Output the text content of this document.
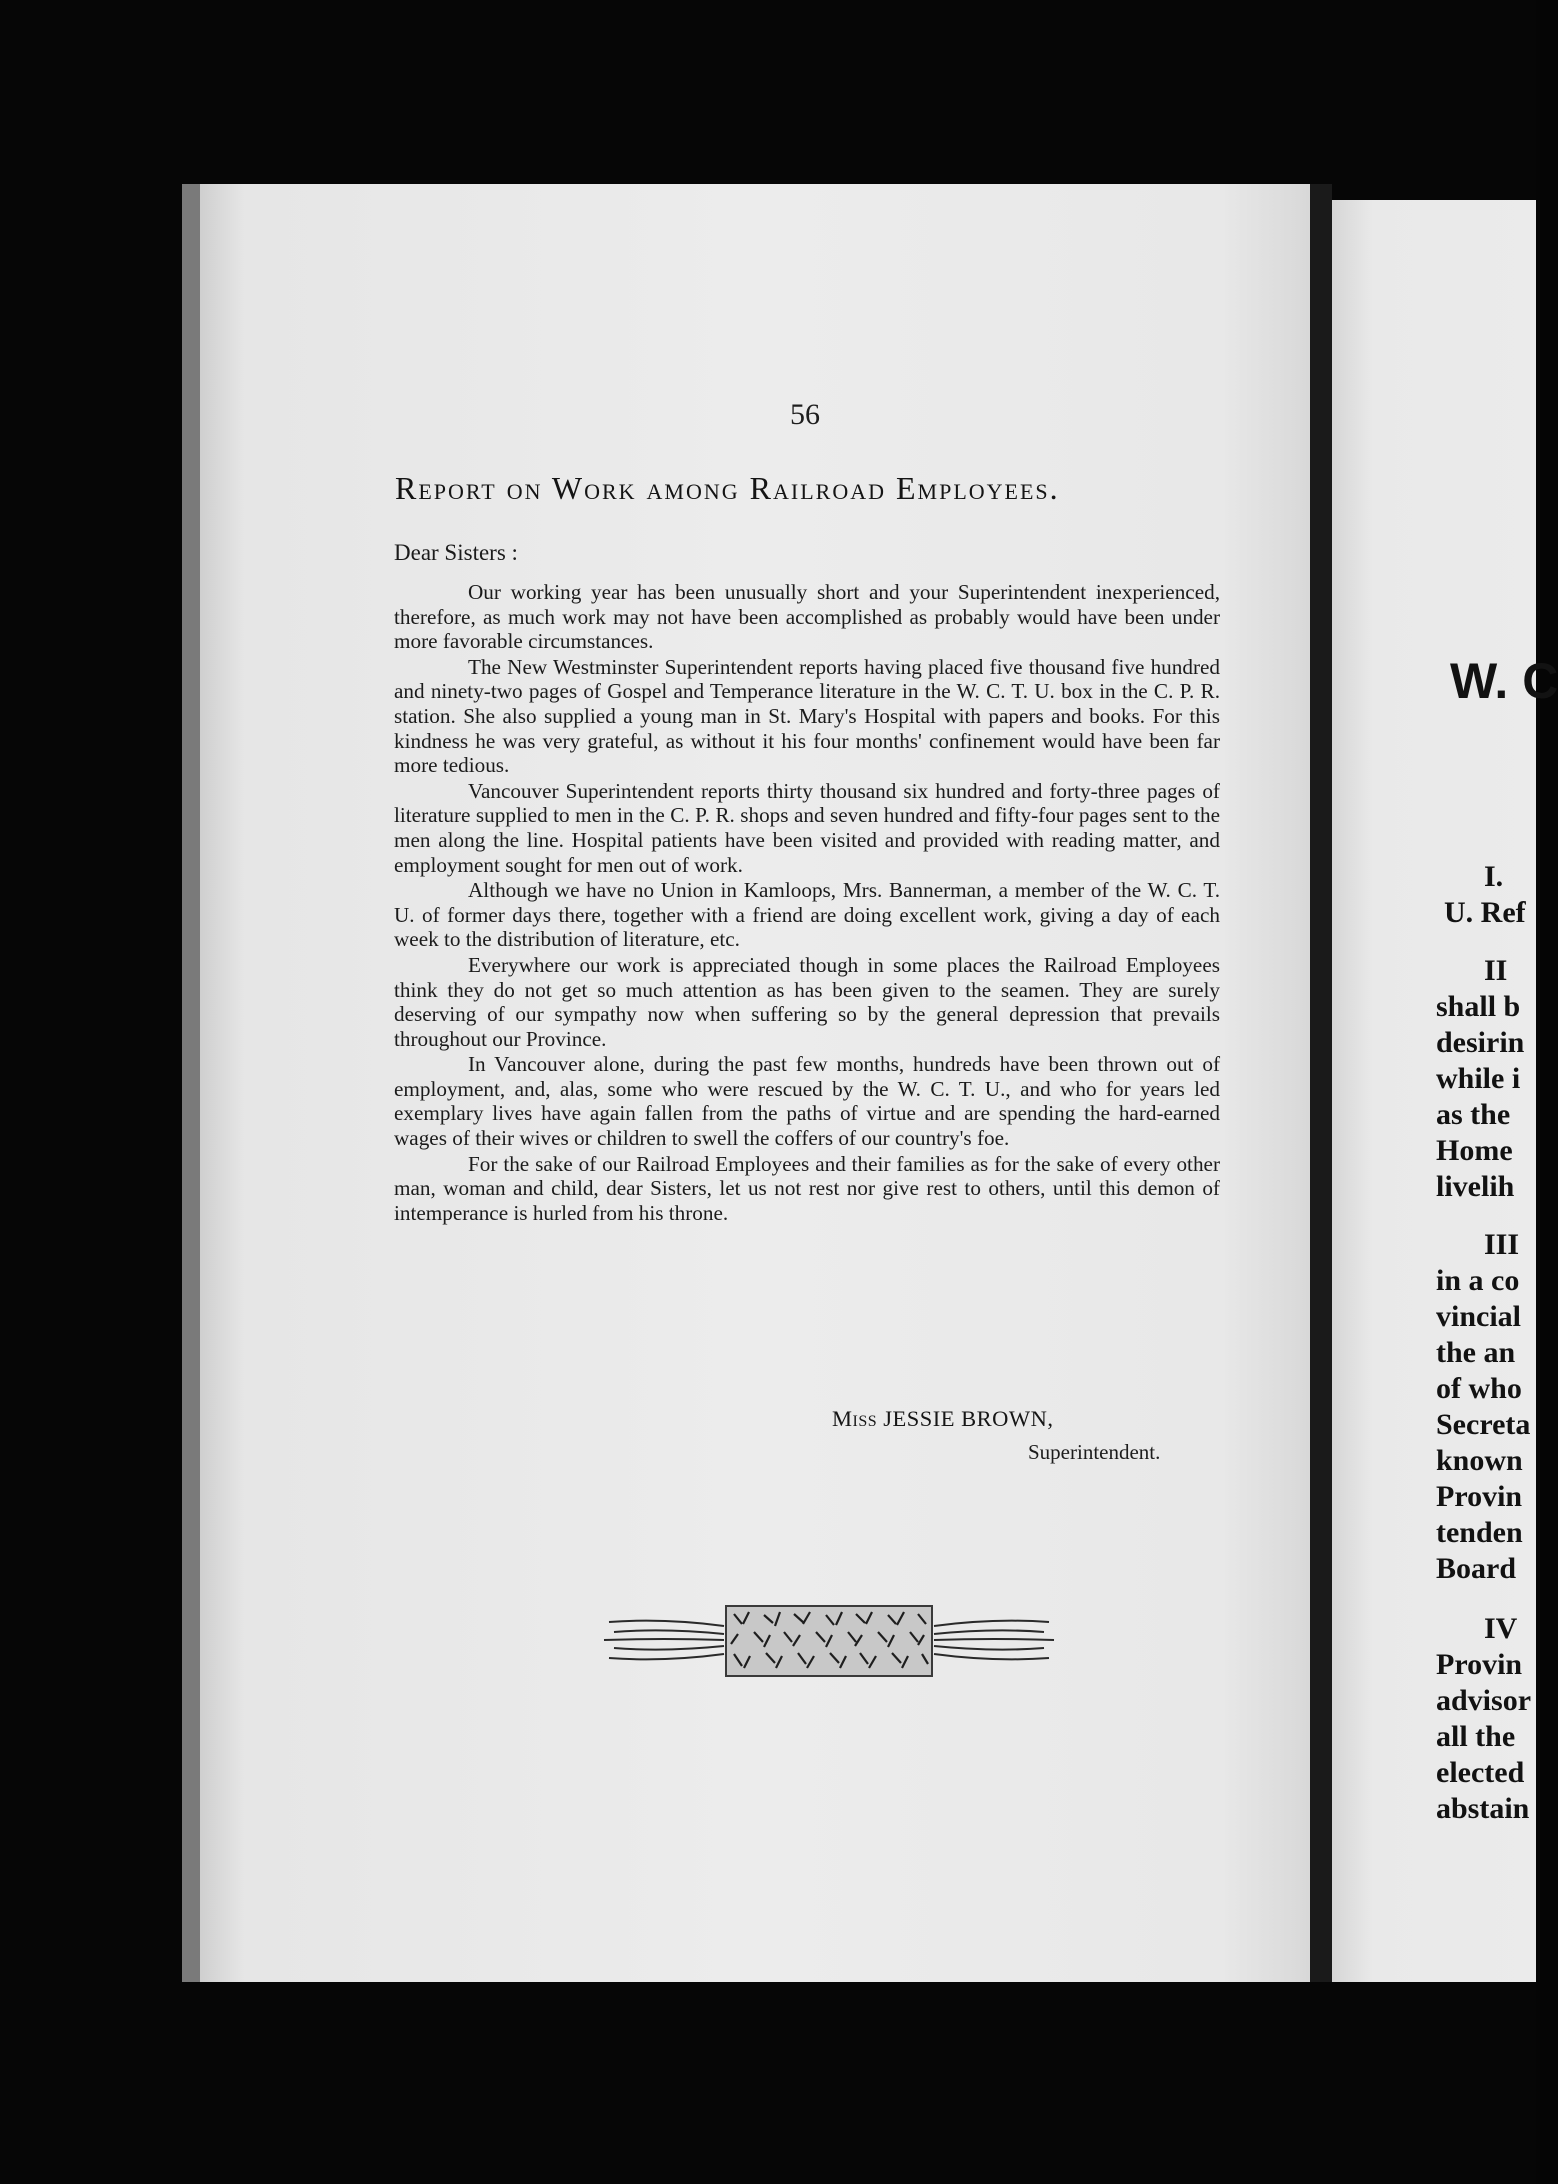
56
Report on Work among Railroad Employees.
Dear Sisters :

Our working year has been unusually short and your Superintendent inexperienced, therefore, as much work may not have been accomplished as probably would have been under more favorable circumstances.

The New Westminster Superintendent reports having placed five thousand five hundred and ninety-two pages of Gospel and Temperance literature in the W. C. T. U. box in the C. P. R. station. She also supplied a young man in St. Mary's Hospital with papers and books. For this kindness he was very grateful, as without it his four months' confinement would have been far more tedious.

Vancouver Superintendent reports thirty thousand six hundred and forty-three pages of literature supplied to men in the C. P. R. shops and seven hundred and fifty-four pages sent to the men along the line. Hospital patients have been visited and provided with reading matter, and employment sought for men out of work.

Although we have no Union in Kamloops, Mrs. Bannerman, a member of the W. C. T. U. of former days there, together with a friend are doing excellent work, giving a day of each week to the distribution of literature, etc.

Everywhere our work is appreciated though in some places the Railroad Employees think they do not get so much attention as has been given to the seamen. They are surely deserving of our sympathy now when suffering so by the general depression that prevails throughout our Province.

In Vancouver alone, during the past few months, hundreds have been thrown out of employment, and, alas, some who were rescued by the W. C. T. U., and who for years led exemplary lives have again fallen from the paths of virtue and are spending the hard-earned wages of their wives or children to swell the coffers of our country's foe.

For the sake of our Railroad Employees and their families as for the sake of every other man, woman and child, dear Sisters, let us not rest nor give rest to others, until this demon of intemperance is hurled from his throne.

Miss JESSIE BROWN,
Superintendent.
W. C
I.
U. Ref
II
shall b
desirin
while i
as the
Home
livelih
III
in a co
vincial
the an
of who
Secreta
known
Provin
tenden
Board
IV
Provin
advisor
all the
elected
abstain
